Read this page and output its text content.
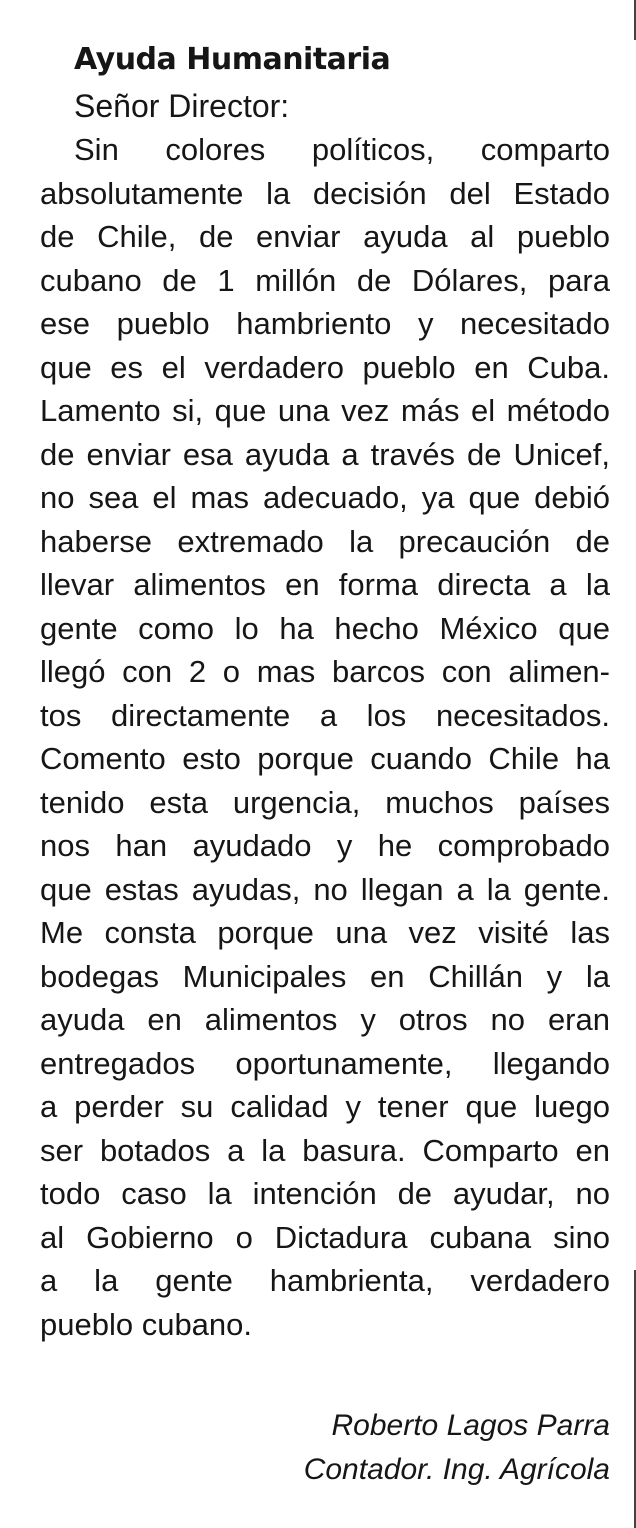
Ayuda Humanitaria

Señor Director:

Sin colores políticos, comparto
absolutamente la decisión del Estado
de Chile, de enviar ayuda al pueblo
cubano de 1 millón de Dólares, para
ese pueblo hambriento y necesitado
que es el verdadero pueblo en Cuba.
Lamento si, que una vez más el método
de enviar esa ayuda a través de Unicef,
no sea el mas adecuado, ya que debió
haberse extremado la precaución de
llevar alimentos en forma directa a la
gente como lo ha hecho México que
llegó con 2 o mas barcos con alimen-
tos directamente a los necesitados.
Comento esto porque cuando Chile ha
tenido esta urgencia, muchos países
nos han ayudado y he comprobado
que estas ayudas, no llegan a la gente.
Me consta porque una vez visité las
bodegas Municipales en Chillán y la
ayuda en alimentos y otros no eran
entregados oportunamente, llegando
a perder su calidad y tener que luego
ser botados a la basura. Comparto en
todo caso la intención de ayudar, no
al Gobierno o Dictadura cubana sino
a la gente hambrienta, verdadero
pueblo cubano.
Roberto Lagos Parra
Contador. Ing. Agrícola
